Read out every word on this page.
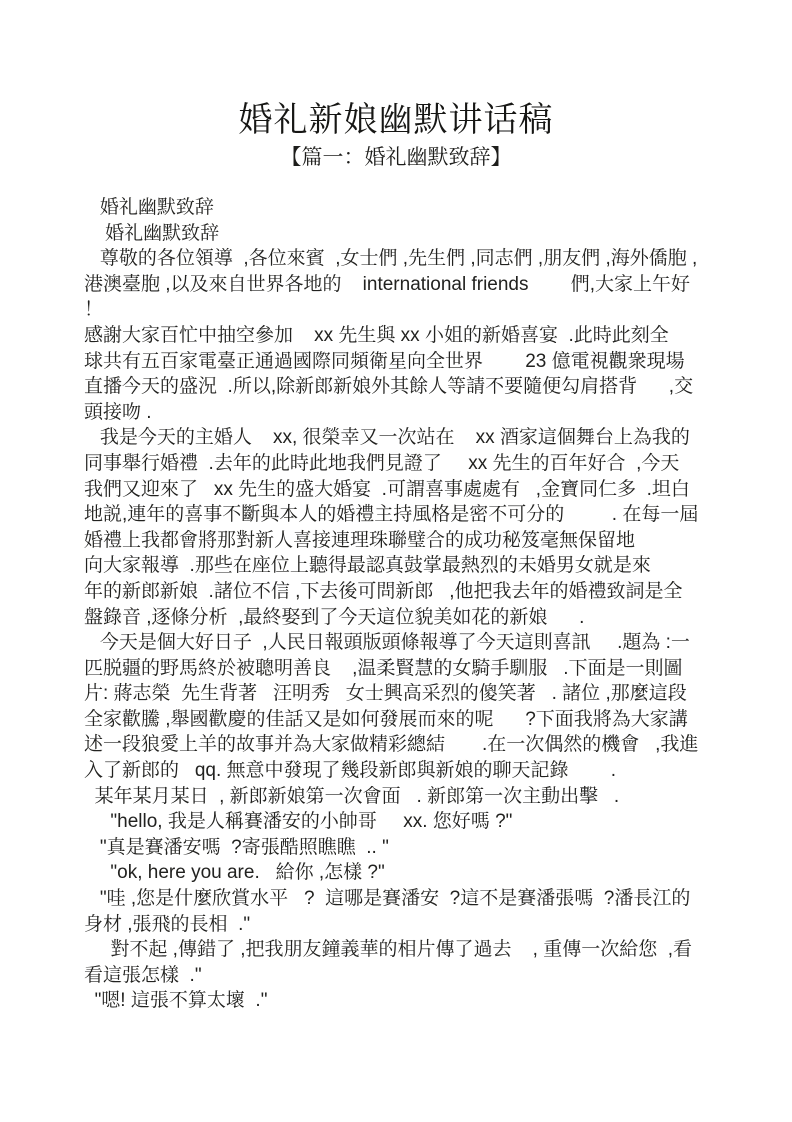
婚礼新娘幽默讲话稿
【篇一：婚礼幽默致辞】
婚礼幽默致辞
婚礼幽默致辞
尊敬的各位領導  ,各位來賓  ,女士們 ,先生們 ,同志們 ,朋友們 ,海外僑胞 ,
港澳臺胞 ,以及來自世界各地的    international friends        們,大家上午好  ！
感謝大家百忙中抽空參加    xx 先生與 xx 小姐的新婚喜宴  .此時此刻全
球共有五百家電臺正通過國際同頻衛星向全世界        23 億電視觀衆現場
直播今天的盛況  .所以,除新郎新娘外其餘人等請不要隨便勾肩搭背      ,交
頭接吻 .
我是今天的主婚人    xx, 很榮幸又一次站在    xx 酒家這個舞台上為我的
同事舉行婚禮  .去年的此時此地我們見證了     xx 先生的百年好合  ,今天
我們又迎來了   xx 先生的盛大婚宴  .可謂喜事處處有   ,金寶同仁多  .坦白
地説,連年的喜事不斷與本人的婚禮主持風格是密不可分的         . 在每一屆
婚禮上我都會將那對新人喜接連理珠聯璧合的成功秘笈毫無保留地
向大家報導  .那些在座位上聽得最認真鼓掌最熱烈的未婚男女就是來
年的新郎新娘  .諸位不信 ,下去後可問新郎   ,他把我去年的婚禮致詞是全
盤錄音 ,逐條分析  ,最終娶到了今天這位貌美如花的新娘      .
今天是個大好日子  ,人民日報頭版頭條報導了今天這則喜訊     .題為 :一
匹脱疆的野馬終於被聰明善良    ,温柔賢慧的女騎手馴服   .下面是一則圖
片: 蔣志榮  先生背著   汪明秀   女士興高采烈的傻笑著   . 諸位 ,那麼這段
全家歡騰 ,舉國歡慶的佳話又是如何發展而來的呢      ?下面我將為大家講
述一段狼愛上羊的故事并為大家做精彩總結       .在一次偶然的機會   ,我進
入了新郎的   qq. 無意中發現了幾段新郎與新娘的聊天記錄        .
某年某月某日  , 新郎新娘第一次會面   . 新郎第一次主動出擊   .
"hello, 我是人稱賽潘安的小帥哥     xx. 您好嗎 ?"
"真是賽潘安嗎  ?寄張酷照瞧瞧  .. "
"ok, here you are.   給你 ,怎樣 ?"
"哇 ,您是什麼欣賞水平   ?  這哪是賽潘安  ?這不是賽潘張嗎  ?潘長江的
身材 ,張飛的長相  ."
對不起 ,傳錯了 ,把我朋友鐘義華的相片傳了過去    , 重傳一次給您  ,看
看這張怎樣  ."
"嗯! 這張不算太壞  ."
